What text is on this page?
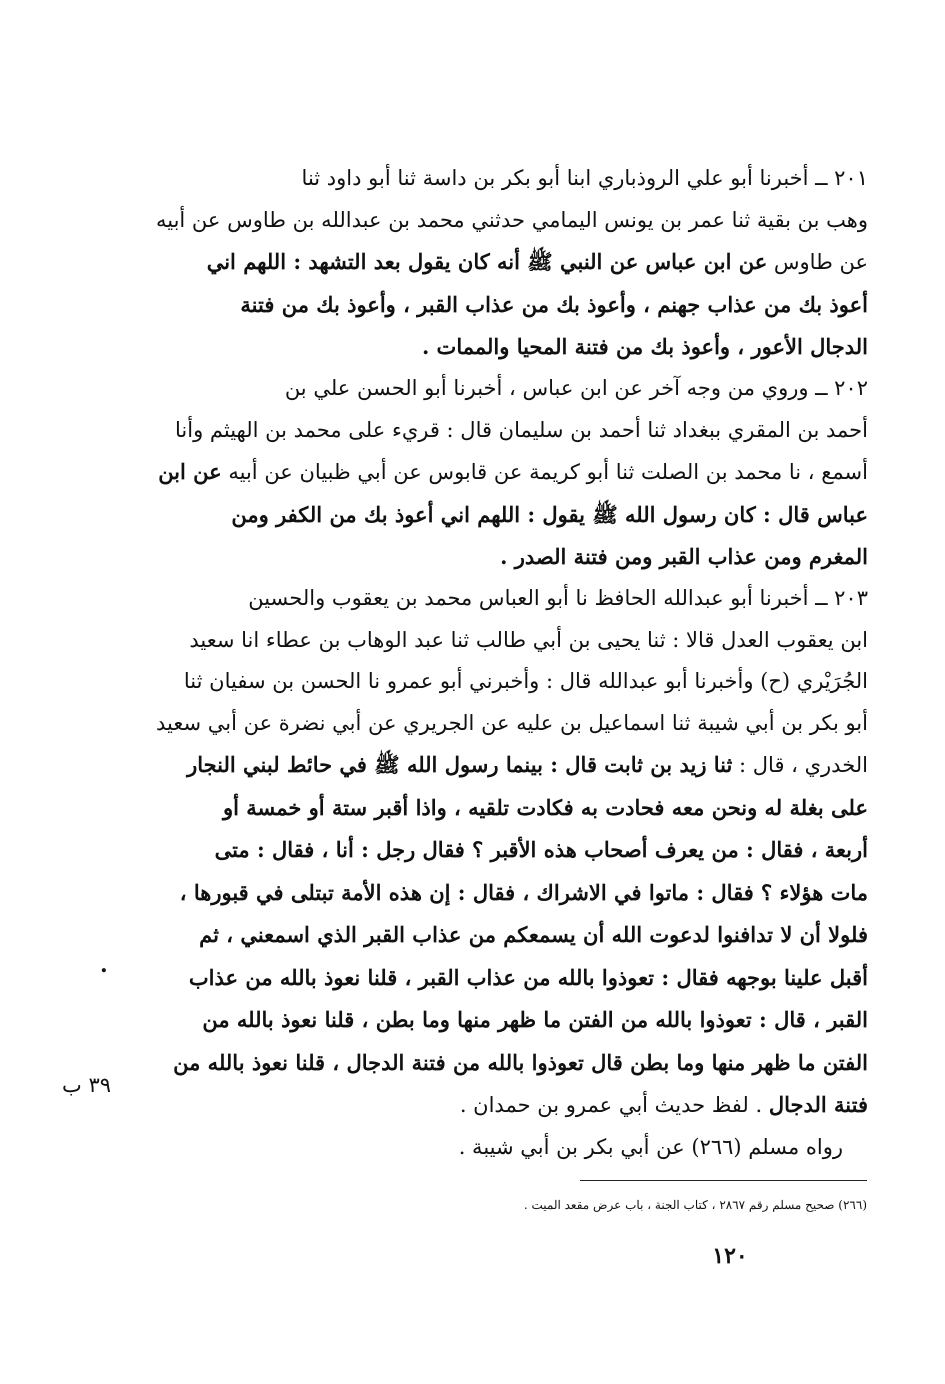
٢٠١ ــ أخبرنا أبو علي الروذباري ابنا أبو بكر بن داسة ثنا أبو داود ثنا
وهب بن بقية ثنا عمر بن يونس اليمامي حدثني محمد بن عبدالله بن طاوس عن أبيه
عن طاوس عن ابن عباس عن النبي ﷺ أنه كان يقول بعد التشهد : اللهم اني
أعوذ بك من عذاب جهنم ، وأعوذ بك من عذاب القبر ، وأعوذ بك من فتنة
الدجال الأعور ، وأعوذ بك من فتنة المحيا والممات .
٢٠٢ ــ وروي من وجه آخر عن ابن عباس ، أخبرنا أبو الحسن علي بن
أحمد بن المقري ببغداد ثنا أحمد بن سليمان قال : قريء على محمد بن الهيثم وأنا
أسمع ، نا محمد بن الصلت ثنا أبو كريمة عن قابوس عن أبي ظبيان عن أبيه عن ابن
عباس قال : كان رسول الله ﷺ يقول : اللهم اني أعوذ بك من الكفر ومن
المغرم ومن عذاب القبر ومن فتنة الصدر .
٢٠٣ ــ أخبرنا أبو عبدالله الحافظ نا أبو العباس محمد بن يعقوب والحسين
ابن يعقوب العدل قالا : ثنا يحيى بن أبي طالب ثنا عبد الوهاب بن عطاء انا سعيد
الجُرَيْري (ح) وأخبرنا أبو عبدالله قال : وأخبرني أبو عمرو نا الحسن بن سفيان ثنا
أبو بكر بن أبي شيبة ثنا اسماعيل بن عليه عن الجريري عن أبي نضرة عن أبي سعيد
الخدري ، قال : ثنا زيد بن ثابت قال : بينما رسول الله ﷺ في حائط لبني النجار
على بغلة له ونحن معه فحادت به فكادت تلقيه ، واذا أقبر ستة أو خمسة أو
أربعة ، فقال : من يعرف أصحاب هذه الأقبر ؟ فقال رجل : أنا ، فقال : متى
مات هؤلاء ؟ فقال : ماتوا في الاشراك ، فقال : إن هذه الأمة تبتلى في قبورها ،
فلولا أن لا تدافنوا لدعوت الله أن يسمعكم من عذاب القبر الذي اسمعني ، ثم
أقبل علينا بوجهه فقال : تعوذوا بالله من عذاب القبر ، قلنا نعوذ بالله من عذاب
القبر ، قال : تعوذوا بالله من الفتن ما ظهر منها وما بطن ، قلنا نعوذ بالله من
الفتن ما ظهر منها وما بطن قال تعوذوا بالله من فتنة الدجال ، قلنا نعوذ بالله من
فتنة الدجال . لفظ حديث أبي عمرو بن حمدان .
رواه مسلم (٢٦٦) عن أبي بكر بن أبي شيبة .
.
٣٩ ب
(٢٦٦) صحيح مسلم رقم ٢٨٦٧ ، كتاب الجنة ، باب عرض مقعد الميت .
١٢٠
